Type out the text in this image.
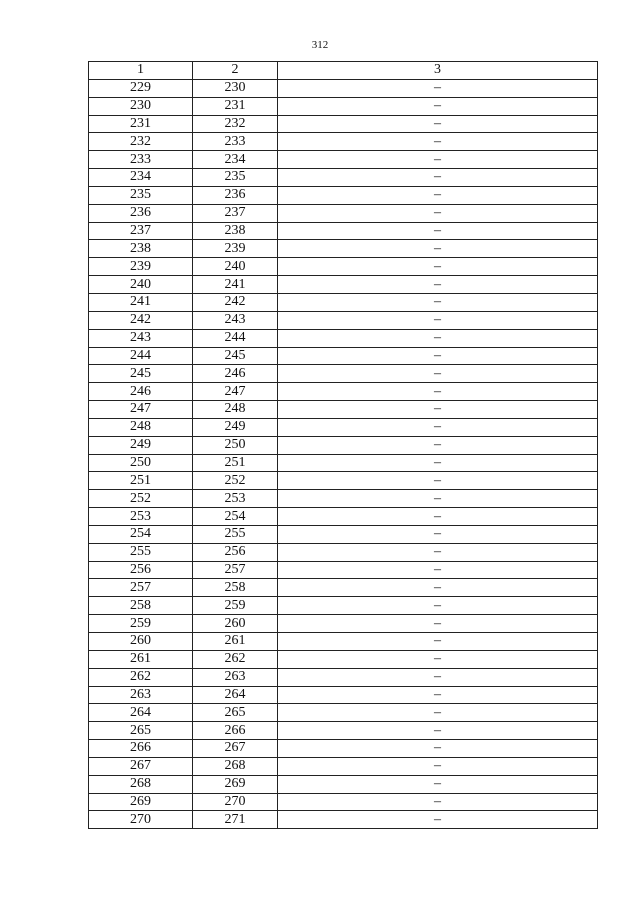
312
1	2	3
229	230	–
230	231	–
231	232	–
232	233	–
233	234	–
234	235	–
235	236	–
236	237	–
237	238	–
238	239	–
239	240	–
240	241	–
241	242	–
242	243	–
243	244	–
244	245	–
245	246	–
246	247	–
247	248	–
248	249	–
249	250	–
250	251	–
251	252	–
252	253	–
253	254	–
254	255	–
255	256	–
256	257	–
257	258	–
258	259	–
259	260	–
260	261	–
261	262	–
262	263	–
263	264	–
264	265	–
265	266	–
266	267	–
267	268	–
268	269	–
269	270	–
270	271	–
